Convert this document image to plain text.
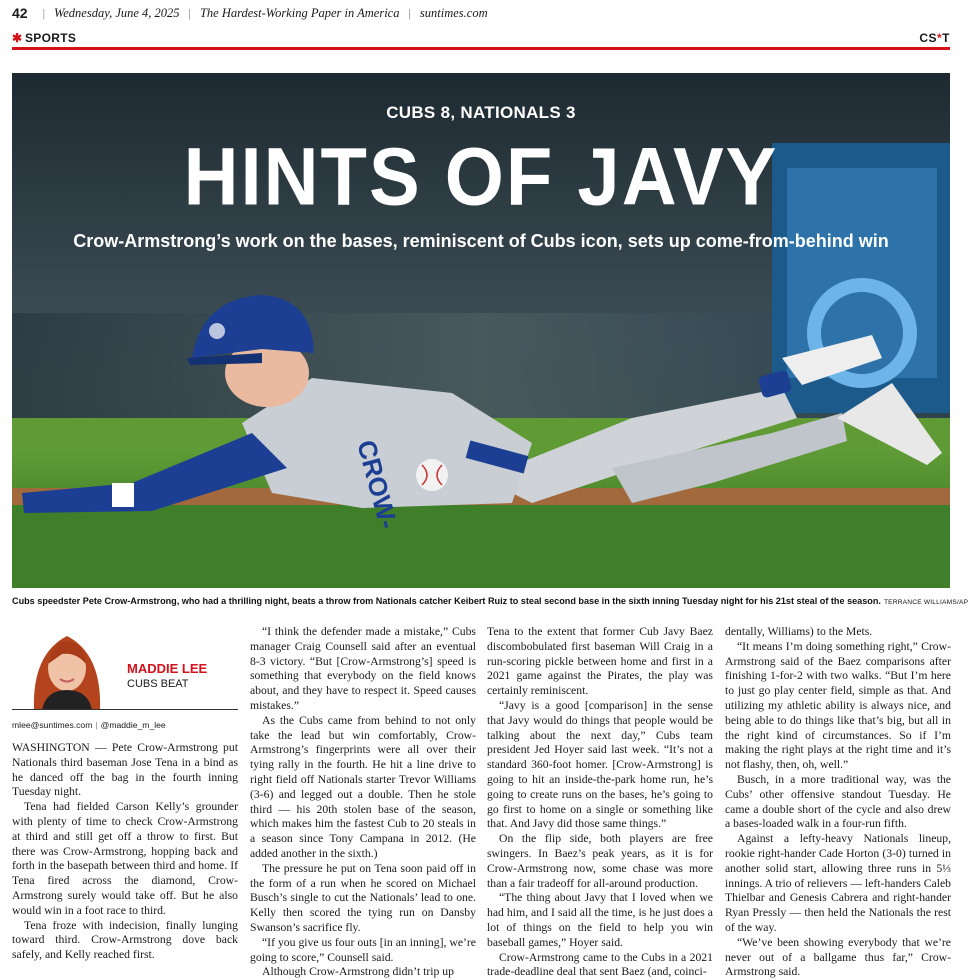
42 | Wednesday, June 4, 2025 | The Hardest-Working Paper in America | suntimes.com
✱ SPORTS	CS*T
CROW-
CUBS 8, NATIONALS 3
HINTS OF JAVY
Crow-Armstrong’s work on the bases, reminiscent of Cubs icon, sets up come-from-behind win
Cubs speedster Pete Crow-Armstrong, who had a thrilling night, beats a throw from Nationals catcher Keibert Ruiz to steal second base in the sixth inning Tuesday night for his 21st steal of the season. TERRANCE WILLIAMS/AP
MADDIE LEE
CUBS BEAT
mlee@suntimes.com | @maddie_m_lee

WASHINGTON — Pete Crow-Armstrong put Nationals third baseman Jose Tena in a bind as he danced off the bag in the fourth inning Tuesday night.

Tena had fielded Carson Kelly’s grounder with plenty of time to check Crow-Armstrong at third and still get off a throw to first. But there was Crow-Armstrong, hopping back and forth in the basepath between third and home. If Tena fired across the diamond, Crow-Armstrong surely would take off. But he also would win in a foot race to third.

Tena froze with indecision, finally lunging toward third. Crow-Armstrong dove back safely, and Kelly reached first.

“I think the defender made a mistake,” Cubs manager Craig Counsell said after an eventual 8-3 victory. “But [Crow-Armstrong’s] speed is something that everybody on the field knows about, and they have to respect it. Speed causes mistakes.”

As the Cubs came from behind to not only take the lead but win comfortably, Crow-Armstrong’s fingerprints were all over their tying rally in the fourth. He hit a line drive to right field off Nationals starter Trevor Williams (3-6) and legged out a double. Then he stole third — his 20th stolen base of the season, which makes him the fastest Cub to 20 steals in a season since Tony Campana in 2012. (He added another in the sixth.)

The pressure he put on Tena soon paid off in the form of a run when he scored on Michael Busch’s single to cut the Nationals’ lead to one. Kelly then scored the tying run on Dansby Swanson’s sacrifice fly.

“If you give us four outs [in an inning], we’re going to score,” Counsell said.

Although Crow-Armstrong didn’t trip up

Tena to the extent that former Cub Javy Baez discombobulated first baseman Will Craig in a run-scoring pickle between home and first in a 2021 game against the Pirates, the play was certainly reminiscent.

“Javy is a good [comparison] in the sense that Javy would do things that people would be talking about the next day,” Cubs team president Jed Hoyer said last week. “It’s not a standard 360-foot homer. [Crow-Armstrong] is going to hit an inside-the-park home run, he’s going to create runs on the bases, he’s going to go first to home on a single or something like that. And Javy did those same things.”

On the flip side, both players are free swingers. In Baez’s peak years, as it is for Crow-Armstrong now, some chase was more than a fair tradeoff for all-around production.

“The thing about Javy that I loved when we had him, and I said all the time, is he just does a lot of things on the field to help you win baseball games,” Hoyer said.

Crow-Armstrong came to the Cubs in a 2021 trade-deadline deal that sent Baez (and, coinci-

dentally, Williams) to the Mets.

“It means I’m doing something right,” Crow-Armstrong said of the Baez comparisons after finishing 1-for-2 with two walks. “But I’m here to just go play center field, simple as that. And utilizing my athletic ability is always nice, and being able to do things like that’s big, but all in the right kind of circumstances. So if I’m making the right plays at the right time and it’s not flashy, then, oh, well.”

Busch, in a more traditional way, was the Cubs’ other offensive standout Tuesday. He came a double short of the cycle and also drew a bases-loaded walk in a four-run fifth.

Against a lefty-heavy Nationals lineup, rookie right-hander Cade Horton (3-0) turned in another solid start, allowing three runs in 5⅓ innings. A trio of relievers — left-handers Caleb Thielbar and Genesis Cabrera and right-hander Ryan Pressly — then held the Nationals the rest of the way.

“We’ve been showing everybody that we’re never out of a ballgame thus far,” Crow-Armstrong said.
